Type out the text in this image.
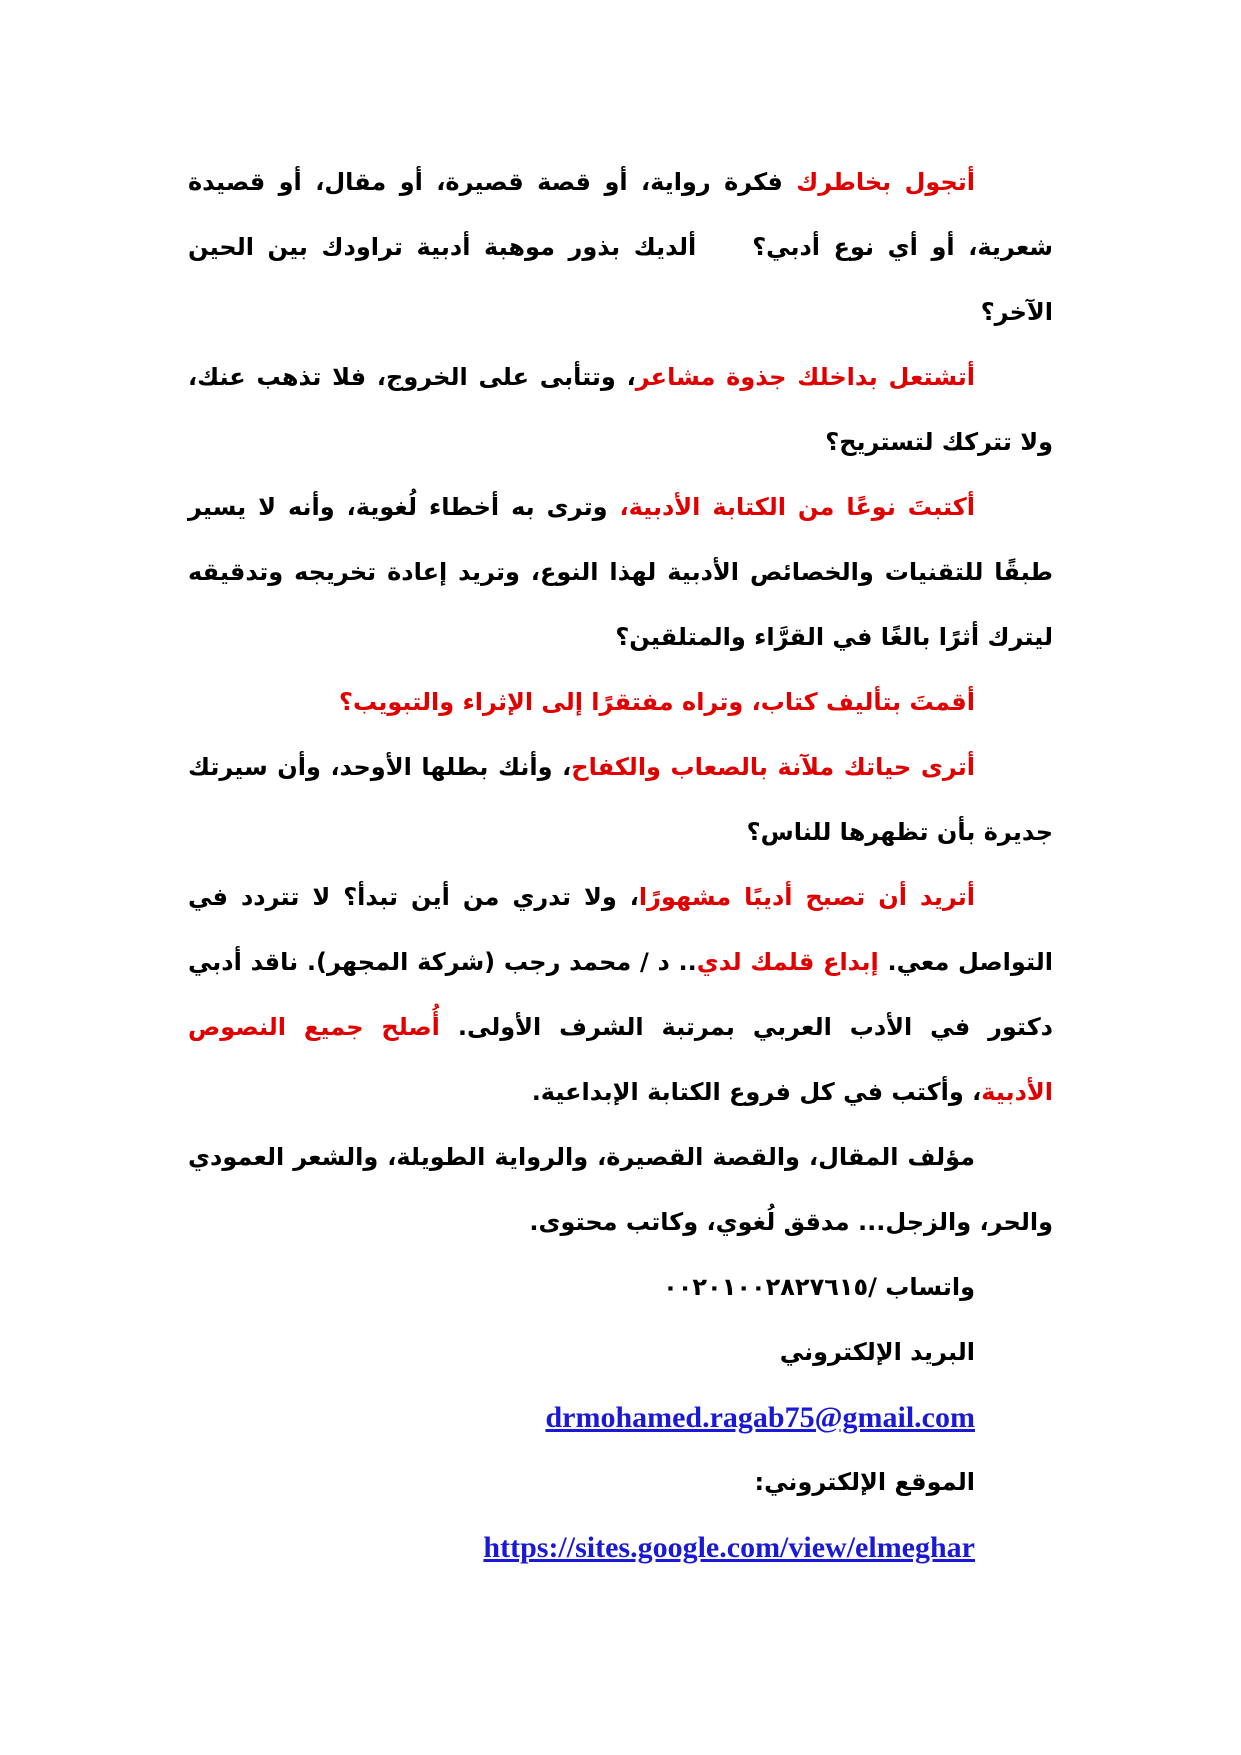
أتجول بخاطرك فكرة رواية، أو قصة قصيرة، أو مقال، أو قصيدة شعرية، أو أي نوع أدبي؟ألديك بذور موهبة أدبية تراودك بين الحين الآخر؟

أتشتعل بداخلك جذوة مشاعر، وتتأبى على الخروج، فلا تذهب عنك، ولا تتركك لتستريح؟

أكتبتَ نوعًا من الكتابة الأدبية، وترى به أخطاء لُغوية، وأنه لا يسير طبقًا للتقنيات والخصائص الأدبية لهذا النوع، وتريد إعادة تخريجه وتدقيقه ليترك أثرًا بالغًا في القرَّاء والمتلقين؟

أقمتَ بتأليف كتاب، وتراه مفتقرًا إلى الإثراء والتبويب؟

أترى حياتك ملآنة بالصعاب والكفاح، وأنك بطلها الأوحد، وأن سيرتك جديرة بأن تظهرها للناس؟

أتريد أن تصبح أديبًا مشهورًا، ولا تدري من أين تبدأ؟ لا تتردد في التواصل معي. إبداع قلمك لدي.. د / محمد رجب (شركة المجهر). ناقد أدبي دكتور في الأدب العربي بمرتبة الشرف الأولى. أُصلح جميع النصوص الأدبية، وأكتب في كل فروع الكتابة الإبداعية.

مؤلف المقال، والقصة القصيرة، والرواية الطويلة، والشعر العمودي والحر، والزجل... مدقق لُغوي، وكاتب محتوى.

واتساب /٠٠٢٠١٠٠٢٨٢٧٦١٥

البريد الإلكتروني

drmohamed.ragab75@gmail.com

الموقع الإلكتروني:

https://sites.google.com/view/elmeghar
